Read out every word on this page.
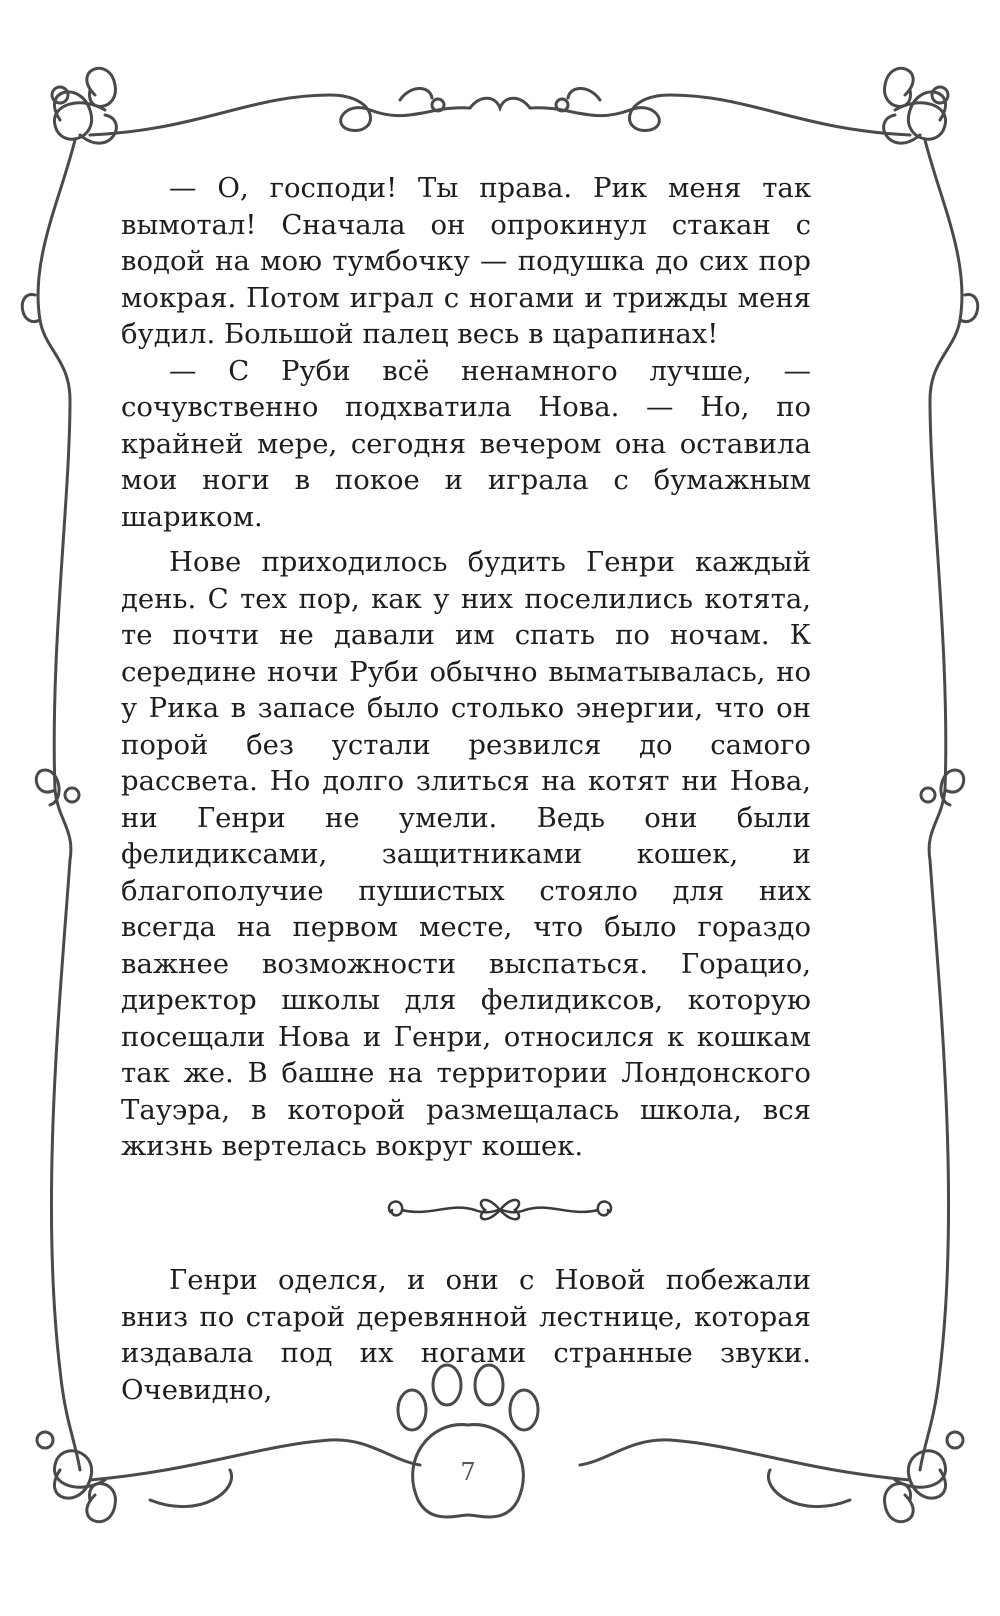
— О, господи! Ты права. Рик меня так вымотал! Сначала он опрокинул стакан с водой на мою тумбочку — подушка до сих пор мокрая. Потом играл с ногами и трижды меня будил. Большой палец весь в царапинах!

— С Руби всё ненамного лучше, — сочувственно подхватила Нова. — Но, по крайней мере, сегодня вечером она оставила мои ноги в покое и играла с бумажным шариком.

Нове приходилось будить Генри каждый день. С тех пор, как у них поселились котята, те почти не давали им спать по ночам. К середине ночи Руби обычно выматывалась, но у Рика в запасе было столько энергии, что он порой без устали резвился до самого рассвета. Но долго злиться на котят ни Нова, ни Генри не умели. Ведь они были фелидиксами, защитниками кошек, и благополучие пушистых стояло для них всегда на первом месте, что было гораздо важнее возможности выспаться. Горацио, директор школы для фелидиксов, которую посещали Нова и Генри, относился к кошкам так же. В башне на территории Лондонского Тауэра, в которой размещалась школа, вся жизнь вертелась вокруг кошек.

Генри оделся, и они с Новой побежали вниз по старой деревянной лестнице, которая издавала под их ногами странные звуки. Очевидно,

7
